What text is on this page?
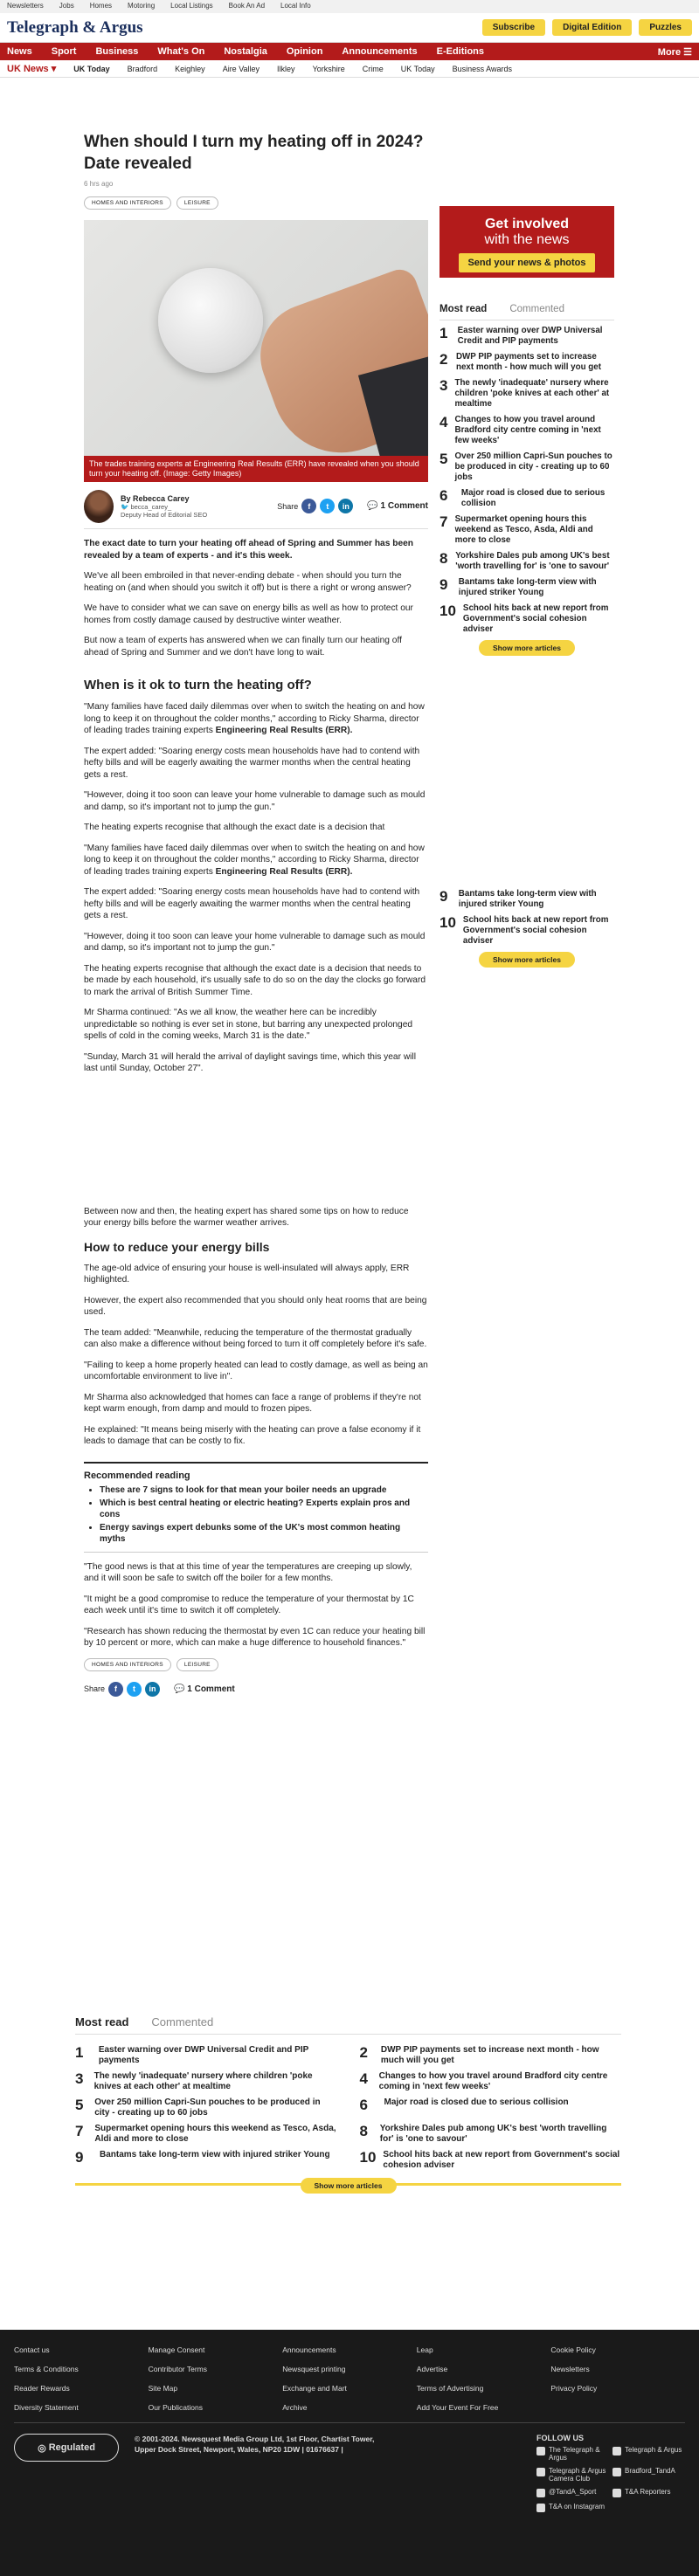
Newsletters Jobs Homes Motoring Local Listings Book An Ad Local Info
Telegraph & Argus	Subscribe	Digital Edition	Puzzles
News Sport Business What's On Nostalgia Opinion Announcements E-Editions	More ☰
UK News ▾ UK Today Bradford Keighley Aire Valley Ilkley Yorkshire Crime UK Today Business Awards
When should I turn my heating off in 2024? Date revealed
6 hrs ago
HOMES AND INTERIORS	LEISURE
The trades training experts at Engineering Real Results (ERR) have revealed when you should turn your heating off. (Image: Getty Images)
By Rebecca Carey
🐦 becca_carey_
Deputy Head of Editorial SEO
Share	f	t	in	💬 1 Comment

The exact date to turn your heating off ahead of Spring and Summer has been revealed by a team of experts - and it's this week.

We've all been embroiled in that never-ending debate - when should you turn the heating on (and when should you switch it off) but is there a right or wrong answer?

We have to consider what we can save on energy bills as well as how to protect our homes from costly damage caused by destructive winter weather.

But now a team of experts has answered when we can finally turn our heating off ahead of Spring and Summer and we don't have long to wait.

When is it ok to turn the heating off?

"Many families have faced daily dilemmas over when to switch the heating on and how long to keep it on throughout the colder months," according to Ricky Sharma, director of leading trades training experts Engineering Real Results (ERR).

The expert added: "Soaring energy costs mean households have had to contend with hefty bills and will be eagerly awaiting the warmer months when the central heating gets a rest.

"However, doing it too soon can leave your home vulnerable to damage such as mould and damp, so it's important not to jump the gun."

The heating experts recognise that although the exact date is a decision that

"Many families have faced daily dilemmas over when to switch the heating on and how long to keep it on throughout the colder months," according to Ricky Sharma, director of leading trades training experts Engineering Real Results (ERR).

The expert added: "Soaring energy costs mean households have had to contend with hefty bills and will be eagerly awaiting the warmer months when the central heating gets a rest.

"However, doing it too soon can leave your home vulnerable to damage such as mould and damp, so it's important not to jump the gun."

The heating experts recognise that although the exact date is a decision that needs to be made by each household, it's usually safe to do so on the day the clocks go forward to mark the arrival of British Summer Time.

Mr Sharma continued: "As we all know, the weather here can be incredibly unpredictable so nothing is ever set in stone, but barring any unexpected prolonged spells of cold in the coming weeks, March 31 is the date."

"Sunday, March 31 will herald the arrival of daylight savings time, which this year will last until Sunday, October 27".

Between now and then, the heating expert has shared some tips on how to reduce your energy bills before the warmer weather arrives.

How to reduce your energy bills

The age-old advice of ensuring your house is well-insulated will always apply, ERR highlighted.

However, the expert also recommended that you should only heat rooms that are being used.

The team added: "Meanwhile, reducing the temperature of the thermostat gradually can also make a difference without being forced to turn it off completely before it's safe.

"Failing to keep a home properly heated can lead to costly damage, as well as being an uncomfortable environment to live in".

Mr Sharma also acknowledged that homes can face a range of problems if they're not kept warm enough, from damp and mould to frozen pipes.

He explained: "It means being miserly with the heating can prove a false economy if it leads to damage that can be costly to fix.

Recommended reading
• These are 7 signs to look for that mean your boiler needs an upgrade
• Which is best central heating or electric heating? Experts explain pros and cons
• Energy savings expert debunks some of the UK's most common heating myths

"The good news is that at this time of year the temperatures are creeping up slowly, and it will soon be safe to switch off the boiler for a few months.

"It might be a good compromise to reduce the temperature of your thermostat by 1C each week until it's time to switch it off completely.

"Research has shown reducing the thermostat by even 1C can reduce your heating bill by 10 percent or more, which can make a huge difference to household finances."

HOMES AND INTERIORS	LEISURE
Share	f	t	in	💬 1 Comment
Get involved
with the news
Send your news & photos
Most read Commented
1	Easter warning over DWP Universal Credit and PIP payments
2 DWP PIP payments set to increase next month - how much will you get
3 The newly 'inadequate' nursery where children 'poke knives at each other' at mealtime
4 Changes to how you travel around Bradford city centre coming in 'next few weeks'
5 Over 250 million Capri-Sun pouches to be produced in city - creating up to 60 jobs
6	Major road is closed due to serious collision
7 Supermarket opening hours this weekend as Tesco, Asda, Aldi and more to close
8 Yorkshire Dales pub among UK's best 'worth travelling for' is 'one to savour'
9	Bantams take long-term view with injured striker Young
10 School hits back at new report from Government's social cohesion adviser
Show more articles
9	Bantams take long-term view with injured striker Young
10 School hits back at new report from Government's social cohesion adviser
Show more articles
Most read Commented
1	Easter warning over DWP Universal Credit and PIP payments	2	DWP PIP payments set to increase next month - how much will you get
3	The newly 'inadequate' nursery where children 'poke knives at each other' at mealtime	4	Changes to how you travel around Bradford city centre coming in 'next few weeks'
5	Over 250 million Capri-Sun pouches to be produced in city - creating up to 60 jobs	6	Major road is closed due to serious collision
7	Supermarket opening hours this weekend as Tesco, Asda, Aldi and more to close	8	Yorkshire Dales pub among UK's best 'worth travelling for' is 'one to savour'
9	Bantams take long-term view with injured striker Young 10 School hits back at new report from Government's social cohesion adviser
Show more articles
Contact us	Manage Consent	Announcements	Leap	Cookie Policy
Terms & Conditions	Contributor Terms	Newsquest printing	Advertise	Newsletters
Reader Rewards	Site Map	Exchange and Mart	Terms of Advertising	Privacy Policy
Diversity Statement	Our Publications	Archive	Add Your Event For Free
◎
Regulated
© 2001-2024. Newsquest Media Group Ltd, 1st Floor, Chartist Tower, Upper Dock Street, Newport, Wales, NP20 1DW | 01676637 |
FOLLOW US
The Telegraph & Argus
Telegraph & Argus
Telegraph & Argus Camera Club
Bradford_TandA
@TandA_Sport	T&A Reporters
T&A on Instagram
